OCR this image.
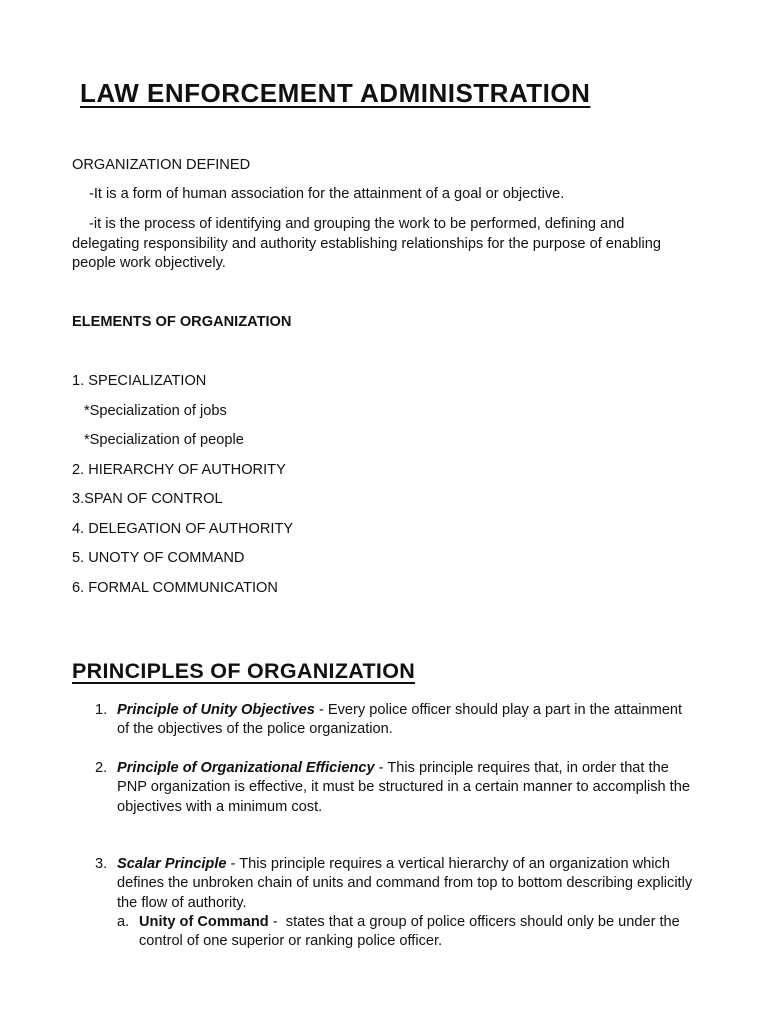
LAW ENFORCEMENT ADMINISTRATION
ORGANIZATION DEFINED
-It is a form of human association for the attainment of a goal or objective.
-it is the process of identifying and grouping the work to be performed, defining and
delegating responsibility and authority establishing relationships for the purpose of enabling
people work objectively.
ELEMENTS OF ORGANIZATION
1. SPECIALIZATION
*Specialization of jobs
*Specialization of people
2. HIERARCHY OF AUTHORITY
3.SPAN OF CONTROL
4. DELEGATION OF AUTHORITY
5. UNOTY OF COMMAND
6. FORMAL COMMUNICATION
PRINCIPLES OF ORGANIZATION
1. Principle of Unity Objectives - Every police officer should play a part in the attainment of the objectives of the police organization.
2. Principle of Organizational Efficiency - This principle requires that, in order that the PNP organization is effective, it must be structured in a certain manner to accomplish the objectives with a minimum cost.
3. Scalar Principle - This principle requires a vertical hierarchy of an organization which defines the unbroken chain of units and command from top to bottom describing explicitly the flow of authority.
a. Unity of Command -  states that a group of police officers should only be under the control of one superior or ranking police officer.
